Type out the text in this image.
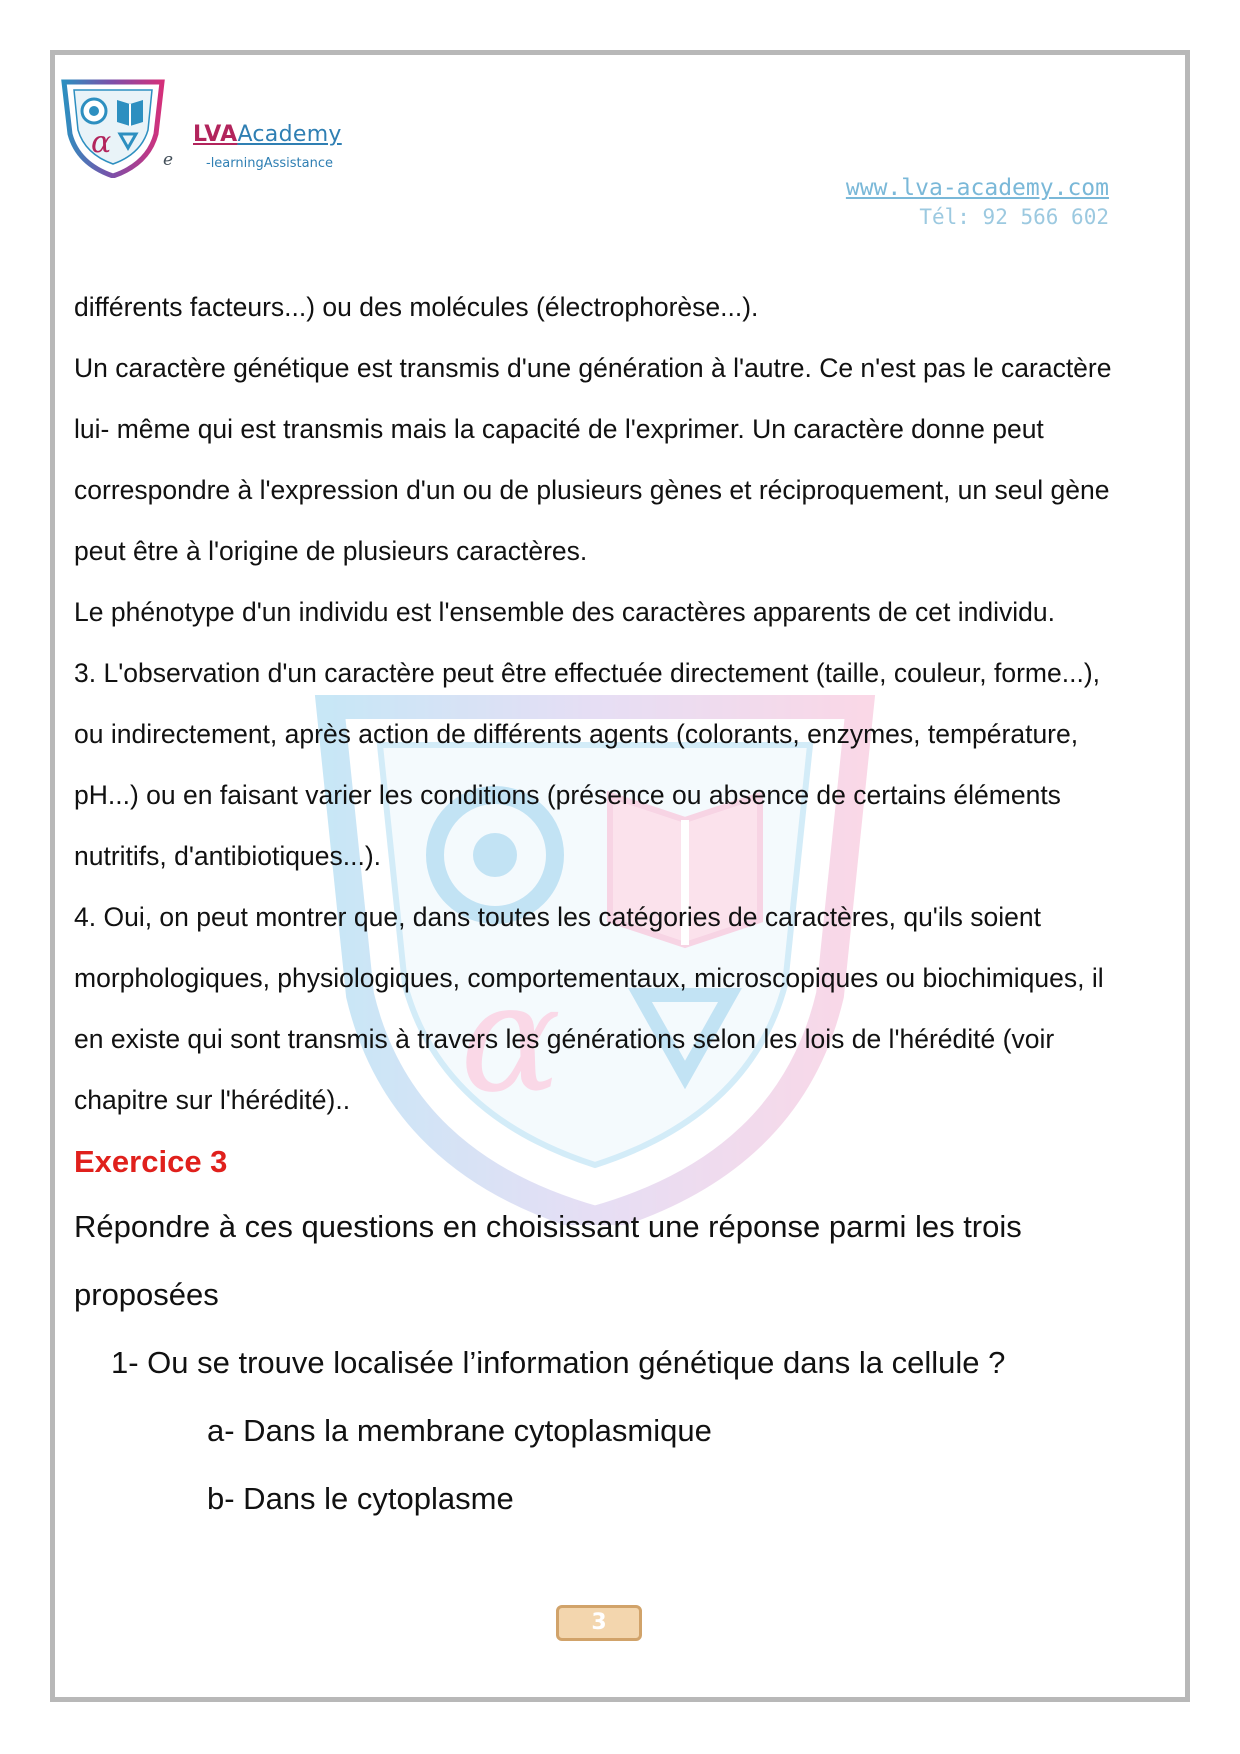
α	LVAAcademy
e	-learningAssistance
www.lva-academy.com
Tél: 92 566 602
α

différents facteurs...) ou des molécules (électrophorèse...).

Un caractère génétique est transmis d'une génération à l'autre. Ce n'est pas le caractère lui- même qui est transmis mais la capacité de l'exprimer. Un caractère donne peut correspondre à l'expression d'un ou de plusieurs gènes et réciproquement, un seul gène peut être à l'origine de plusieurs caractères.

Le phénotype d'un individu est l'ensemble des caractères apparents de cet individu.

3. L'observation d'un caractère peut être effectuée directement (taille, couleur, forme...), ou indirectement, après action de différents agents (colorants, enzymes, température, pH...) ou en faisant varier les conditions (présence ou absence de certains éléments nutritifs, d'antibiotiques...).

4. Oui, on peut montrer que, dans toutes les catégories de caractères, qu'ils soient morphologiques, physiologiques, comportementaux, microscopiques ou biochimiques, il en existe qui sont transmis à travers les générations selon les lois de l'hérédité (voir chapitre sur l'hérédité)..

Exercice 3

Répondre à ces questions en choisissant une réponse parmi les trois proposées

1- Ou se trouve localisée l’information génétique dans la cellule ?

a- Dans la membrane cytoplasmique

b- Dans le cytoplasme

3
